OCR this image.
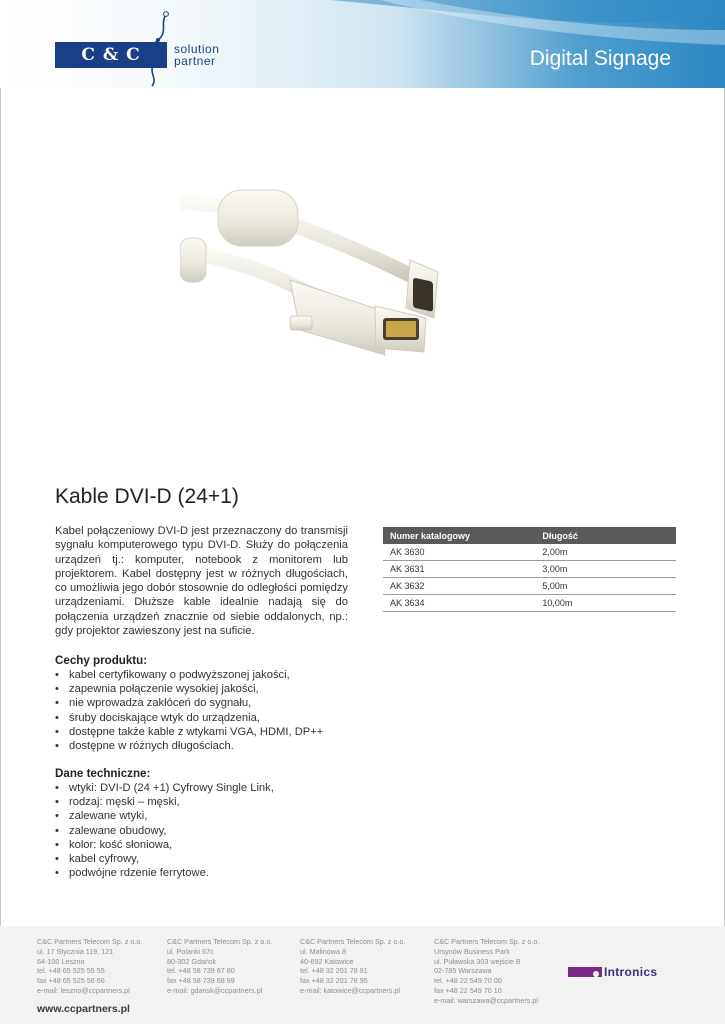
C & C	solution
partner	Digital Signage
Kable DVI-D (24+1)

Kabel połączeniowy DVI-D jest przeznaczony do transmisji sygnału komputerowego typu DVI-D. Służy do połączenia urządzeń tj.: komputer, notebook z monitorem lub projektorem. Kabel dostępny jest w różnych długościach, co umożliwia jego dobór stosownie do odległości pomiędzy urządzeniami. Dłuższe kable idealnie nadają się do połączenia urządzeń znacznie od siebie oddalonych, np.: gdy projektor zawieszony jest na suficie.

Numer katalogowy	Długość
AK 3630	2,00m
AK 3631	3,00m
AK 3632	5,00m
AK 3634	10,00m
Cechy produktu:
• kabel certyfikowany o podwyższonej jakości,
• zapewnia połączenie wysokiej jakości,
• nie wprowadza zakłóceń do sygnału,
• śruby dociskające wtyk do urządzenia,
• dostępne także kable z wtykami VGA, HDMI, DP++
• dostępne w różnych długościach.
Dane techniczne:
• wtyki: DVI-D (24 +1) Cyfrowy Single Link,
• rodzaj: męski – męski,
• zalewane wtyki,
• zalewane obudowy,
• kolor: kość słoniowa,
• kabel cyfrowy,
• podwójne rdzenie ferrytowe.
C&C Partners Telecom Sp. z o.o.
ul. 17 Stycznia 119, 121
64-100 Leszno
tel. +48 65 525 55 55
fax +48 65 525 56 66
e-mail: leszno@ccpartners.pl
C&C Partners Telecom Sp. z o.o.
ul. Polanki 67c
80-302 Gdańsk
tel. +48 58 739 67 80
fax +48 58 739 68 99
e-mail: gdansk@ccpartners.pl
C&C Partners Telecom Sp. z o.o.
ul. Malinowa 8
40-692 Katowice
tel. +48 32 201 78 91
fax +48 32 201 78 95
e-mail: katowice@ccpartners.pl
C&C Partners Telecom Sp. z o.o.
Ursynów Business Park
ul. Puławska 303 wejście B
02-785 Warszawa
tel. +48 22 549 70 00
fax +48 22 549 70 10
e-mail: warszawa@ccpartners.pl
www.ccpartners.pl
Intronics
